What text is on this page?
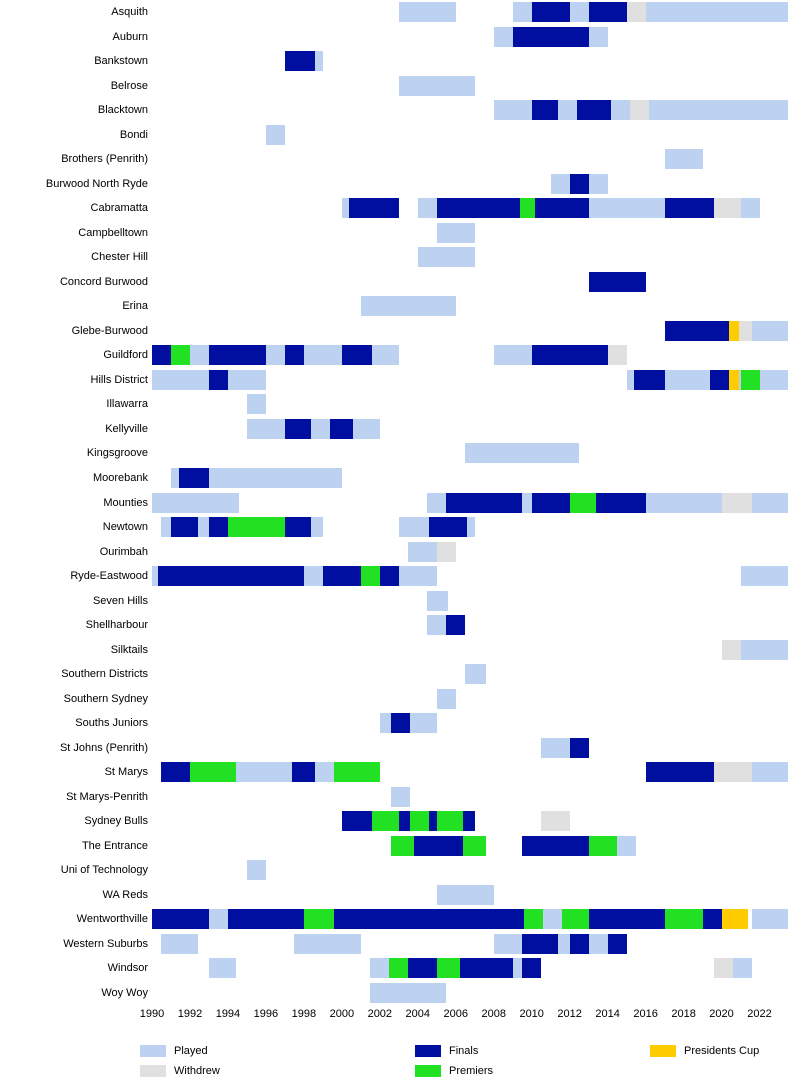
Asquith
Auburn
Bankstown
Belrose
Blacktown
Bondi
Brothers (Penrith)
Burwood North Ryde
Cabramatta
Campbelltown
Chester Hill
Concord Burwood
Erina
Glebe-Burwood
Guildford
Hills District
Illawarra
Kellyville
Kingsgroove
Moorebank
Mounties
Newtown
Ourimbah
Ryde-Eastwood
Seven Hills
Shellharbour
Silktails
Southern Districts
Southern Sydney
Souths Juniors
St Johns (Penrith)
St Marys
St Marys-Penrith
Sydney Bulls
The Entrance
Uni of Technology
WA Reds
Wentworthville
Western Suburbs
Windsor
Woy Woy
1990 1992 1994 1996 1998 2000 2002 2004 2006 2008 2010 2012 2014 2016 2018 2020 2022
Played	Finals	Presidents Cup
Withdrew	Premiers
